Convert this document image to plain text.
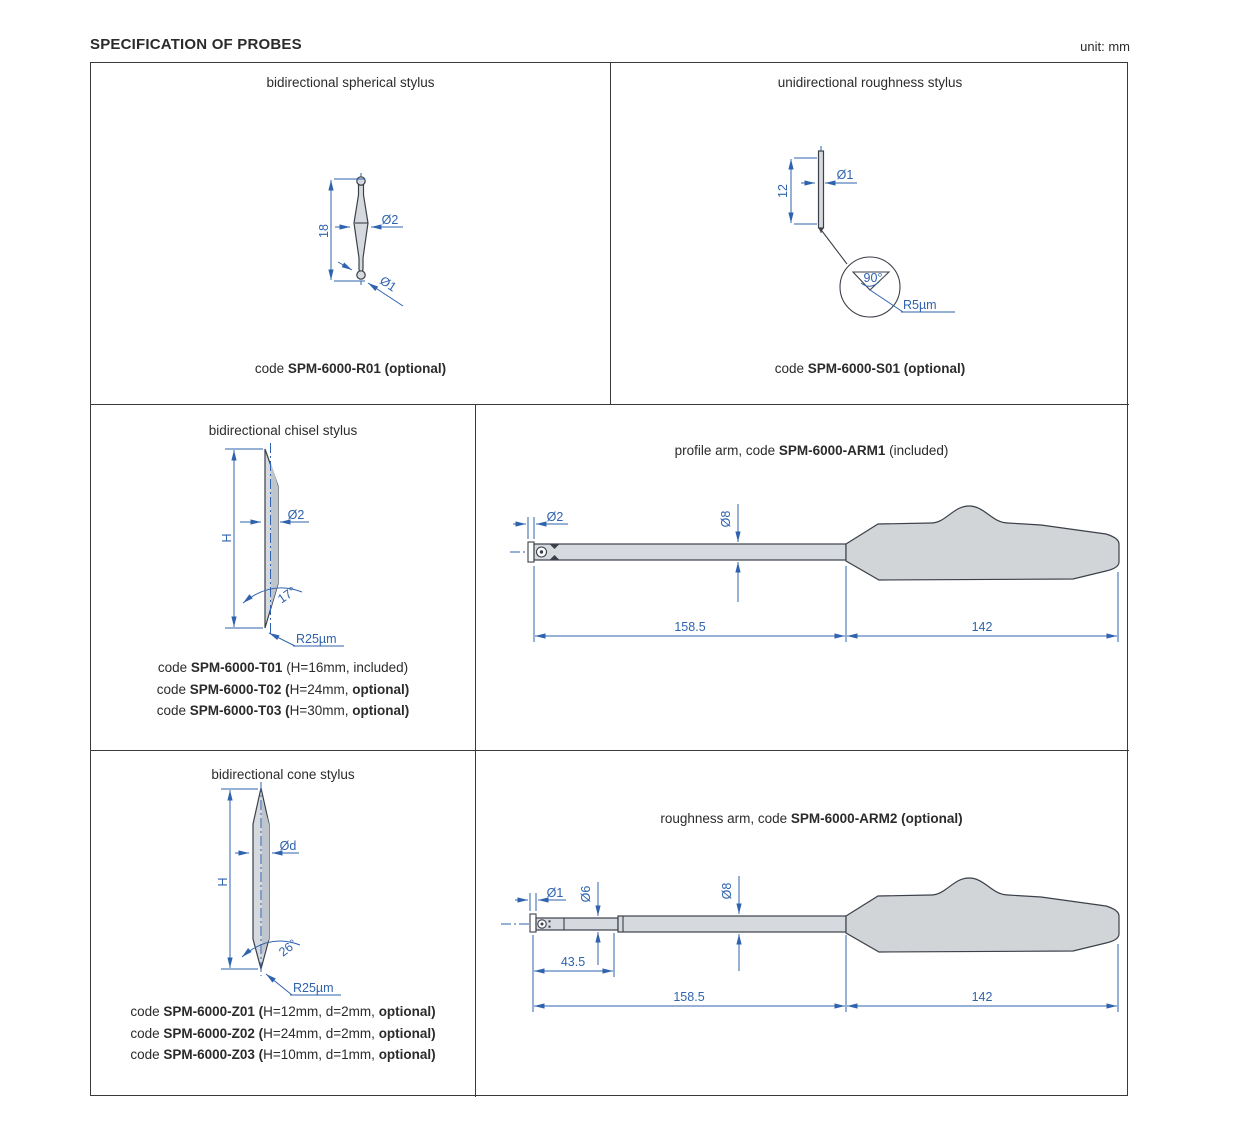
SPECIFICATION OF PROBES	unit: mm
bidirectional spherical stylus
18
Ø2
Ø1
code SPM-6000-R01 (optional)
unidirectional roughness stylus
12
Ø1
90°
R5µm
code SPM-6000-S01 (optional)
bidirectional chisel stylus
H
Ø2
17°
R25µm
code SPM-6000-T01 (H=16mm, included)
code SPM-6000-T02 (H=24mm, optional)
code SPM-6000-T03 (H=30mm, optional)
profile arm, code SPM-6000-ARM1 (included)
Ø2	Ø8
158.5	142
bidirectional cone stylus
H
Ød
26°
R25µm
code SPM-6000-Z01 (H=12mm, d=2mm, optional)
code SPM-6000-Z02 (H=24mm, d=2mm, optional)
code SPM-6000-Z03 (H=10mm, d=1mm, optional)
roughness arm, code SPM-6000-ARM2 (optional)
Ø1	Ø6	Ø8
43.5
158.5	142
